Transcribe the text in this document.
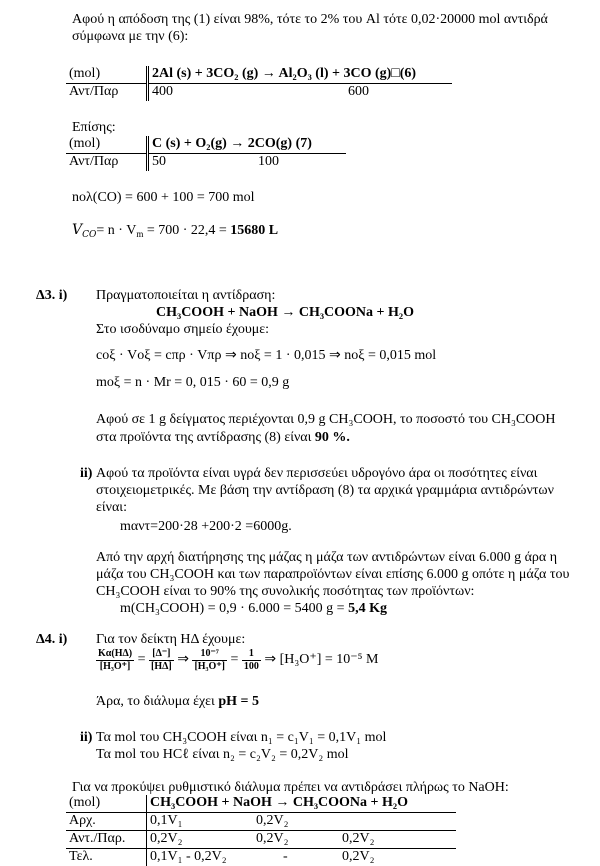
Αφού η απόδοση της (1) είναι 98%, τότε το 2% του Al τότε 0,02·20000 mol αντιδρά
σύμφωνα με την (6):
(mol)	2Al (s) + 3CO₂ (g) → Al₂O₃ (l) + 3CO (g)□(6)	
Αντ/Παρ	400	600
Επίσης:
(mol)	C (s) + O₂(g) → 2CO(g) (7)	
Αντ/Παρ	50	100
nολ(CO) = 600 + 100 = 700 mol
$V_{CO}= n \cdot V_m = 700 \cdot 22,4 = 15680$ L
Δ3. i) Πραγματοποιείται η αντίδραση:
CH₃COOH + NaOH → CH₃COONa + H₂O
Στο ισοδύναμο σημείο έχουμε:
cοξ · Vοξ = cπρ · Vπρ ⇒ nοξ = 1 · 0,015 ⇒ nοξ = 0,015 mol
mοξ = n · Mr = 0, 015 · 60 = 0,9 g
Αφού σε 1 g δείγματος περιέχονται 0,9 g CH₃COOH, το ποσοστό του CH₃COOH
στα προϊόντα της αντίδρασης (8) είναι 90 %.
ii) Αφού τα προϊόντα είναι υγρά δεν περισσεύει υδρογόνο άρα οι ποσότητες είναι
στοιχειομετρικές. Με βάση την αντίδραση (8) τα αρχικά γραμμάρια αντιδρώντων
είναι:
mαντ=200·28 +200·2 =6000g.
Από την αρχή διατήρησης της μάζας η μάζα των αντιδρώντων είναι 6.000 g άρα η
μάζα του CH₃COOH και των παραπροϊόντων είναι επίσης 6.000 g οπότε η μάζα του
CH₃COOH είναι το 90% της συνολικής ποσότητας των προϊόντων:
m(CH₃COOH) = 0,9 · 6.000 = 5400 g = 5,4 Kg
Δ4. i) Για τον δείκτη ΗΔ έχουμε:
$\frac{K\alpha(H\Delta)}{\text{[H₃O⁺]}} = \frac{[\Delta^-]}{[H\Delta]}$ ⇒ $\frac{\text{10⁻⁷}}{\text{[H₃O⁺]}} = \frac{1}{100}$ ⇒ [H₃O⁺] = 10⁻⁵ M
Άρα, το διάλυμα έχει pH = 5
ii) Τα mol του CH₃COOH είναι n₁ = c₁V₁ = 0,1V₁ mol
Τα mol του HCℓ είναι n₂ = c₂V₂ = 0,2V₂ mol
Για να προκύψει ρυθμιστικό διάλυμα πρέπει να αντιδράσει πλήρως το NaOH:
(mol)	CH₃COOH + NaOH → CH₃COONa + H₂O		
Αρχ.	0,1V₁	0,2V₂	
Αντ./Παρ.	0,2V₂	0,2V₂	0,2V₂
Τελ.	0,1V₁ - 0,2V₂	-	0,2V₂
